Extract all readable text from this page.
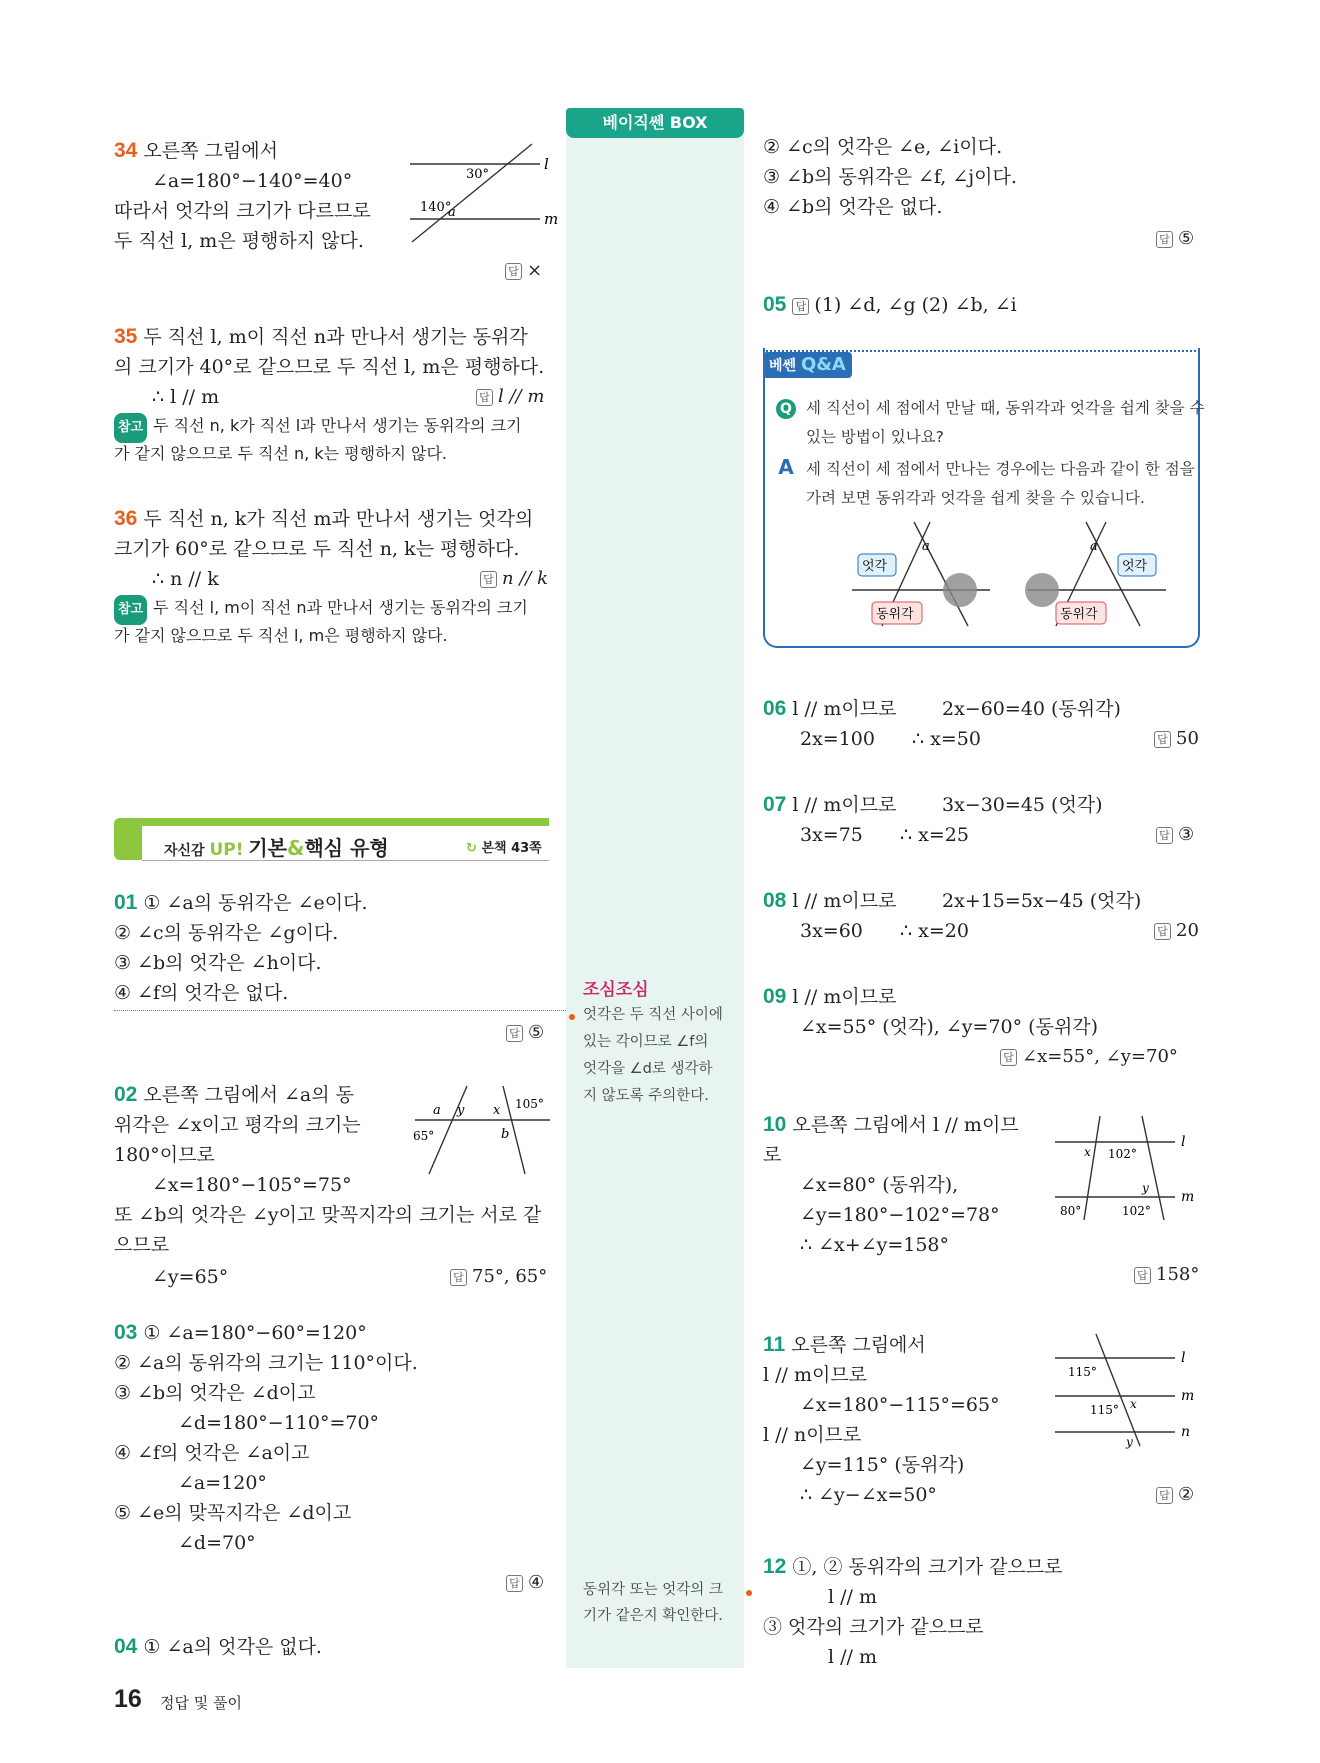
베이직쎈 BOX
조심조심
엇각은 두 직선 사이에
있는 각이므로 ∠f의
엇각을 ∠d로 생각하
지 않도록 주의한다.
동위각 또는 엇각의 크
기가 같은지 확인한다.
34 오른쪽 그림에서
∠a=180°−140°=40°
따라서 엇각의 크기가 다르므로
두 직선 l, m은 평행하지 않다.
l
m
30°
140°
a
답 ×
35 두 직선 l, m이 직선 n과 만나서 생기는 동위각
의 크기가 40°로 같으므로 두 직선 l, m은 평행하다.
∴ l // m	답 l // m
참고 두 직선 n, k가 직선 l과 만나서 생기는 동위각의 크기
가 같지 않으므로 두 직선 n, k는 평행하지 않다.
36 두 직선 n, k가 직선 m과 만나서 생기는 엇각의
크기가 60°로 같으므로 두 직선 n, k는 평행하다.
∴ n // k	답 n // k
참고 두 직선 l, m이 직선 n과 만나서 생기는 동위각의 크기
가 같지 않으므로 두 직선 l, m은 평행하지 않다.
자신감 UP! 기본&핵심 유형	↻ 본책 43쪽
01 ① ∠a의 동위각은 ∠e이다.
② ∠c의 동위각은 ∠g이다.
③ ∠b의 엇각은 ∠h이다.
④ ∠f의 엇각은 없다.
답 ⑤
02 오른쪽 그림에서 ∠a의 동
위각은 ∠x이고 평각의 크기는
180°이므로
∠x=180°−105°=75°
또 ∠b의 엇각은 ∠y이고 맞꼭지각의 크기는 서로 같
으므로
∠y=65°	답 75°, 65°
a y x
b
65°
105°
03 ① ∠a=180°−60°=120°
② ∠a의 동위각의 크기는 110°이다.
③ ∠b의 엇각은 ∠d이고
∠d=180°−110°=70°
④ ∠f의 엇각은 ∠a이고
∠a=120°
⑤ ∠e의 맞꼭지각은 ∠d이고
∠d=70°
답 ④
04 ① ∠a의 엇각은 없다.
② ∠c의 엇각은 ∠e, ∠i이다.
③ ∠b의 동위각은 ∠f, ∠j이다.
④ ∠b의 엇각은 없다.
답 ⑤
05 답 (1) ∠d, ∠g (2) ∠b, ∠i
베쎈 Q&A
Q 세 직선이 세 점에서 만날 때, 동위각과 엇각을 쉽게 찾을 수
있는 방법이 있나요?
A 세 직선이 세 점에서 만나는 경우에는 다음과 같이 한 점을
가려 보면 동위각과 엇각을 쉽게 찾을 수 있습니다.
a
엇각
동위각
a
엇각
동위각
06 l // m이므로 2x−60=40 (동위각)
2x=100 ∴ x=50	답 50
07 l // m이므로 3x−30=45 (엇각)
3x=75 ∴ x=25	답 ③
08 l // m이므로 2x+15=5x−45 (엇각)
3x=60 ∴ x=20	답 20
09 l // m이므로
∠x=55° (엇각), ∠y=70° (동위각)
답 ∠x=55°, ∠y=70°
10 오른쪽 그림에서 l // m이므
로
∠x=80° (동위각),
∠y=180°−102°=78°
∴ ∠x+∠y=158°
답 158°
l
m
x 102°
y
80°	102°
11 오른쪽 그림에서
l // m이므로
∠x=180°−115°=65°
l // n이므로
∠y=115° (동위각)
∴ ∠y−∠x=50°	답 ②
l
m
n
115°
115° x
y
12 ①, ② 동위각의 크기가 같으므로
l // m
③ 엇각의 크기가 같으므로
l // m
16 정답 및 풀이
